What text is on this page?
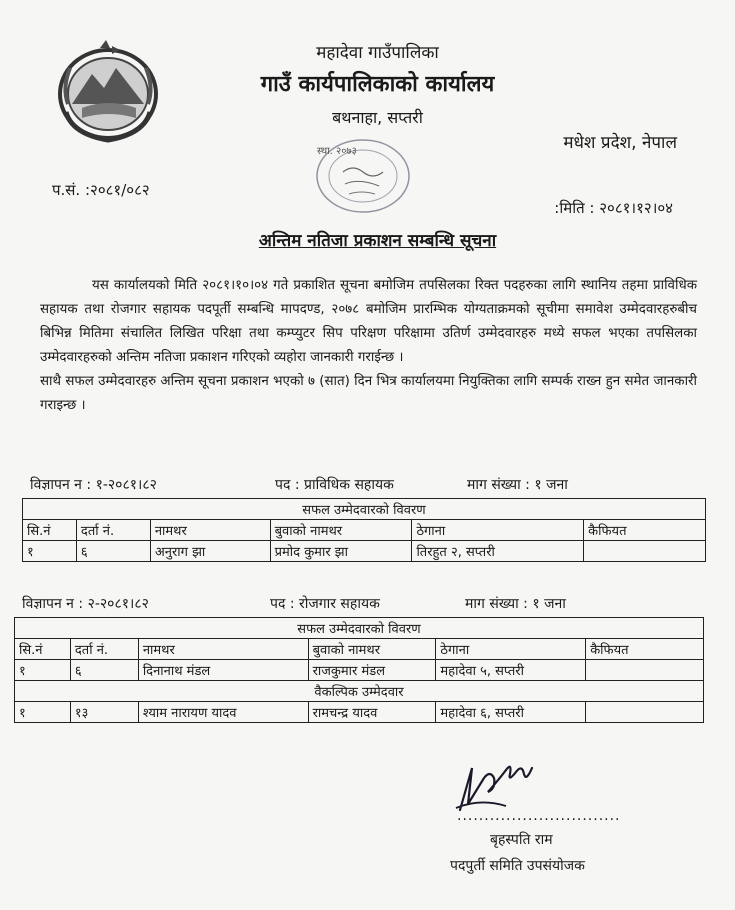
महादेवा गाउँपालिका
गाउँ कार्यपालिकाको कार्यालय
बथनाहा, सप्तरी
मधेश प्रदेश, नेपाल
स्था. २०७३
प.सं. :२०८१/०८२
:मिति : २०८१।१२।०४
अन्तिम नतिजा प्रकाशन सम्बन्धि सूचना

यस कार्यालयको मिति २०८१।१०।०४ गते प्रकाशित सूचना बमोजिम तपसिलका रिक्त पदहरुका लागि स्थानिय तहमा प्राविधिक सहायक तथा रोजगार सहायक पदपूर्ती सम्बन्धि मापदण्ड, २०७८ बमोजिम प्रारम्भिक योग्यताक्रमको सूचीमा समावेश उम्मेदवारहरुबीच बिभिन्न मितिमा संचालित लिखित परिक्षा तथा कम्प्युटर सिप परिक्षण परिक्षामा उतिर्ण उम्मेदवारहरु मध्ये सफल भएका तपसिलका उम्मेदवारहरुको अन्तिम नतिजा प्रकाशन गरिएको व्यहोरा जानकारी गराईन्छ ।

साथै सफल उम्मेदवारहरु अन्तिम सूचना प्रकाशन भएको ७ (सात) दिन भित्र कार्यालयमा नियुक्तिका लागि सम्पर्क राख्न हुन समेत जानकारी गराइन्छ ।

विज्ञापन न : १-२०८१।८२	पद : प्राविधिक सहायक	माग संख्या : १ जना
सफल उम्मेदवारको विवरण					
सि.नं	दर्ता नं.	नामथर	बुवाको नामथर	ठेगाना	कैफियत
१	६	अनुराग झा	प्रमोद कुमार झा	तिरहुत २, सप्तरी	
विज्ञापन न : २-२०८१।८२	पद : रोजगार सहायक	माग संख्या : १ जना
सफल उम्मेदवारको विवरण					
सि.नं	दर्ता नं.	नामथर	बुवाको नामथर	ठेगाना	कैफियत
१	६	दिनानाथ मंडल	राजकुमार मंडल	महादेवा ५, सप्तरी	
वैकल्पिक उम्मेदवार					
१	१३	श्याम नारायण यादव	रामचन्द्र यादव	महादेवा ६, सप्तरी	
..............................
बृहस्पति राम
पदपुर्ती समिति उपसंयोजक
